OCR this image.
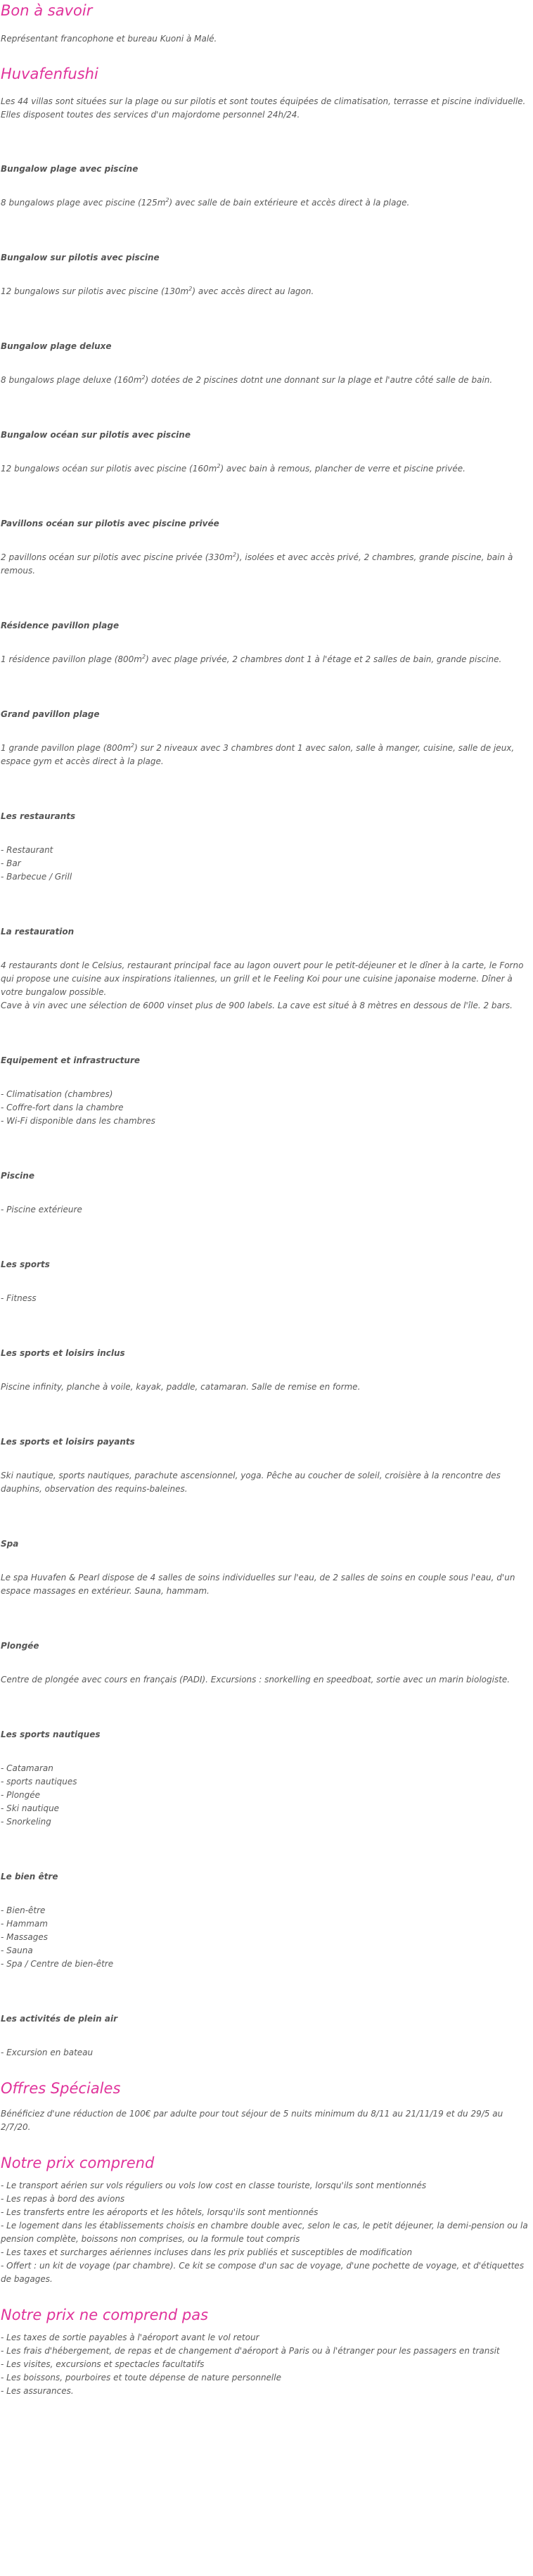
Bon à savoir

Représentant francophone et bureau Kuoni à Malé.

Huvafenfushi

Les 44 villas sont situées sur la plage ou sur pilotis et sont toutes équipées de climatisation, terrasse et piscine individuelle. Elles disposent toutes des services d'un majordome personnel 24h/24.

Bungalow plage avec piscine

8 bungalows plage avec piscine $(125m^2)$ avec salle de bain extérieure et accès direct à la plage.

Bungalow sur pilotis avec piscine

12 bungalows sur pilotis avec piscine $(130m^2)$ avec accès direct au lagon.

Bungalow plage deluxe

8 bungalows plage deluxe $(160m^2)$ dotées de 2 piscines dotnt une donnant sur la plage et l'autre côté salle de bain.

Bungalow océan sur pilotis avec piscine

12 bungalows océan sur pilotis avec piscine $(160m^2)$ avec bain à remous, plancher de verre et piscine privée.

Pavillons océan sur pilotis avec piscine privée

2 pavillons océan sur pilotis avec piscine privée $(330m^2)$, isolées et avec accès privé, 2 chambres, grande piscine, bain à remous.

Résidence pavillon plage

1 résidence pavillon plage $(800m^2)$ avec plage privée, 2 chambres dont 1 à l'étage et 2 salles de bain, grande piscine.

Grand pavillon plage

1 grande pavillon plage $(800m^2)$ sur 2 niveaux avec 3 chambres dont 1 avec salon, salle à manger, cuisine, salle de jeux, espace gym et accès direct à la plage.

Les restaurants
- Restaurant
- Bar
- Barbecue / Grill
La restauration
4 restaurants dont le Celsius, restaurant principal face au lagon ouvert pour le petit-déjeuner et le dîner à la carte, le Forno qui propose une cuisine aux inspirations italiennes, un grill et le Feeling Koi pour une cuisine japonaise moderne. Dîner à votre bungalow possible.
Cave à vin avec une sélection de 6000 vinset plus de 900 labels. La cave est situé à 8 mètres en dessous de l'île. 2 bars.
Equipement et infrastructure
- Climatisation (chambres)
- Coffre-fort dans la chambre
- Wi-Fi disponible dans les chambres
Piscine
- Piscine extérieure
Les sports
- Fitness
Les sports et loisirs inclus
Piscine infinity, planche à voile, kayak, paddle, catamaran. Salle de remise en forme.
Les sports et loisirs payants
Ski nautique, sports nautiques, parachute ascensionnel, yoga. Pêche au coucher de soleil, croisière à la rencontre des dauphins, observation des requins-baleines.
Spa
Le spa Huvafen & Pearl dispose de 4 salles de soins individuelles sur l'eau, de 2 salles de soins en couple sous l'eau, d'un espace massages en extérieur. Sauna, hammam.
Plongée
Centre de plongée avec cours en français (PADI). Excursions : snorkelling en speedboat, sortie avec un marin biologiste.
Les sports nautiques
- Catamaran
- sports nautiques
- Plongée
- Ski nautique
- Snorkeling
Le bien être
- Bien-être
- Hammam
- Massages
- Sauna
- Spa / Centre de bien-être
Les activités de plein air
- Excursion en bateau
Offres Spéciales

Bénéficiez d'une réduction de 100€ par adulte pour tout séjour de 5 nuits minimum du 8/11 au 21/11/19 et du 29/5 au 2/7/20.

Notre prix comprend
- Le transport aérien sur vols réguliers ou vols low cost en classe touriste, lorsqu'ils sont mentionnés
- Les repas à bord des avions
- Les transferts entre les aéroports et les hôtels, lorsqu'ils sont mentionnés
- Le logement dans les établissements choisis en chambre double avec, selon le cas, le petit déjeuner, la demi-pension ou la pension complète, boissons non comprises, ou la formule tout compris
- Les taxes et surcharges aériennes incluses dans les prix publiés et susceptibles de modification
- Offert : un kit de voyage (par chambre). Ce kit se compose d'un sac de voyage, d'une pochette de voyage, et d'étiquettes de bagages.
Notre prix ne comprend pas
- Les taxes de sortie payables à l'aéroport avant le vol retour
- Les frais d'hébergement, de repas et de changement d'aéroport à Paris ou à l'étranger pour les passagers en transit
- Les visites, excursions et spectacles facultatifs
- Les boissons, pourboires et toute dépense de nature personnelle
- Les assurances.
